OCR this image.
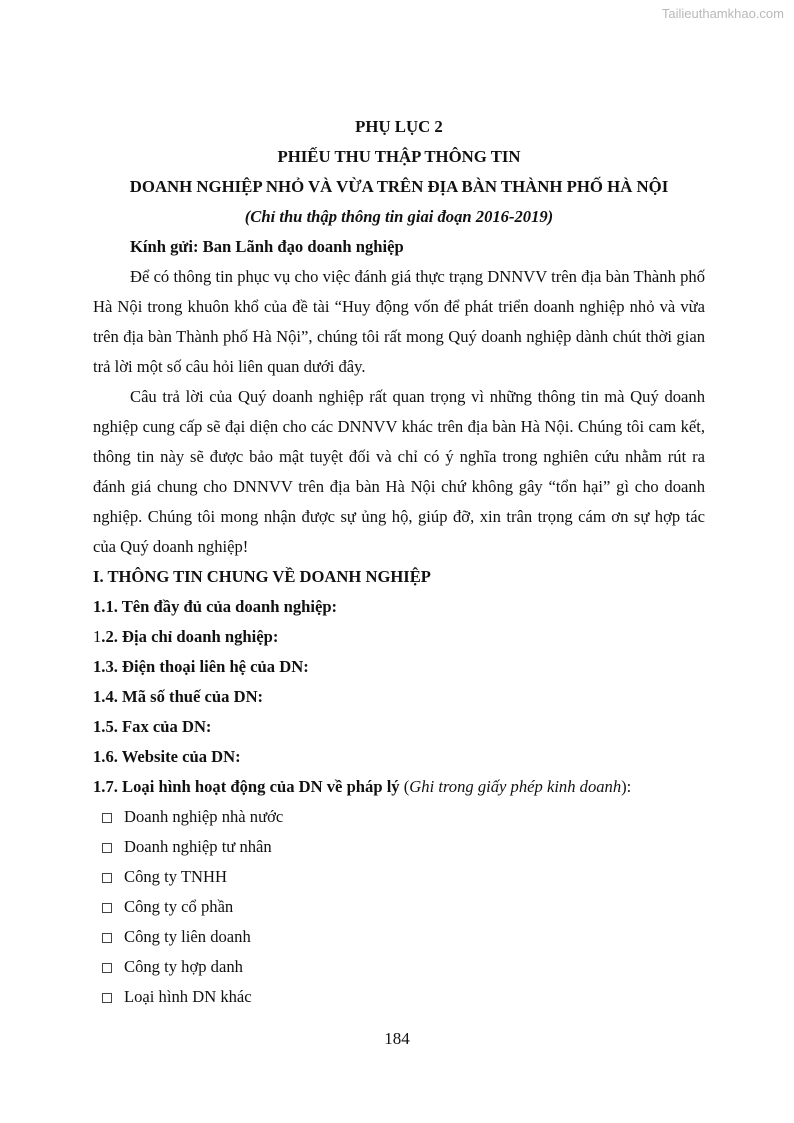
Tailieuthamkhao.com
PHỤ LỤC 2
PHIẾU THU THẬP THÔNG TIN
DOANH NGHIỆP NHỎ VÀ VỪA TRÊN ĐỊA BÀN THÀNH PHỐ HÀ NỘI
(Chỉ thu thập thông tin giai đoạn 2016-2019)
Kính gửi: Ban Lãnh đạo doanh nghiệp

Để có thông tin phục vụ cho việc đánh giá thực trạng DNNVV trên địa bàn Thành phố Hà Nội trong khuôn khổ của đề tài “Huy động vốn để phát triển doanh nghiệp nhỏ và vừa trên địa bàn Thành phố Hà Nội”, chúng tôi rất mong Quý doanh nghiệp dành chút thời gian trả lời một số câu hỏi liên quan dưới đây.

Câu trả lời của Quý doanh nghiệp rất quan trọng vì những thông tin mà Quý doanh nghiệp cung cấp sẽ đại diện cho các DNNVV khác trên địa bàn Hà Nội. Chúng tôi cam kết, thông tin này sẽ được bảo mật tuyệt đối và chỉ có ý nghĩa trong nghiên cứu nhằm rút ra đánh giá chung cho DNNVV trên địa bàn Hà Nội chứ không gây “tổn hại” gì cho doanh nghiệp. Chúng tôi mong nhận được sự ủng hộ, giúp đỡ, xin trân trọng cám ơn sự hợp tác của Quý doanh nghiệp!

I. THÔNG TIN CHUNG VỀ DOANH NGHIỆP
1.1. Tên đầy đủ của doanh nghiệp:
1.2. Địa chỉ doanh nghiệp:
1.3. Điện thoại liên hệ của DN:
1.4. Mã số thuế của DN:
1.5. Fax của DN:
1.6. Website của DN:
1.7. Loại hình hoạt động của DN về pháp lý (Ghi trong giấy phép kinh doanh):
Doanh nghiệp nhà nước
Doanh nghiệp tư nhân
Công ty TNHH
Công ty cổ phần
Công ty liên doanh
Công ty hợp danh
Loại hình DN khác
184
